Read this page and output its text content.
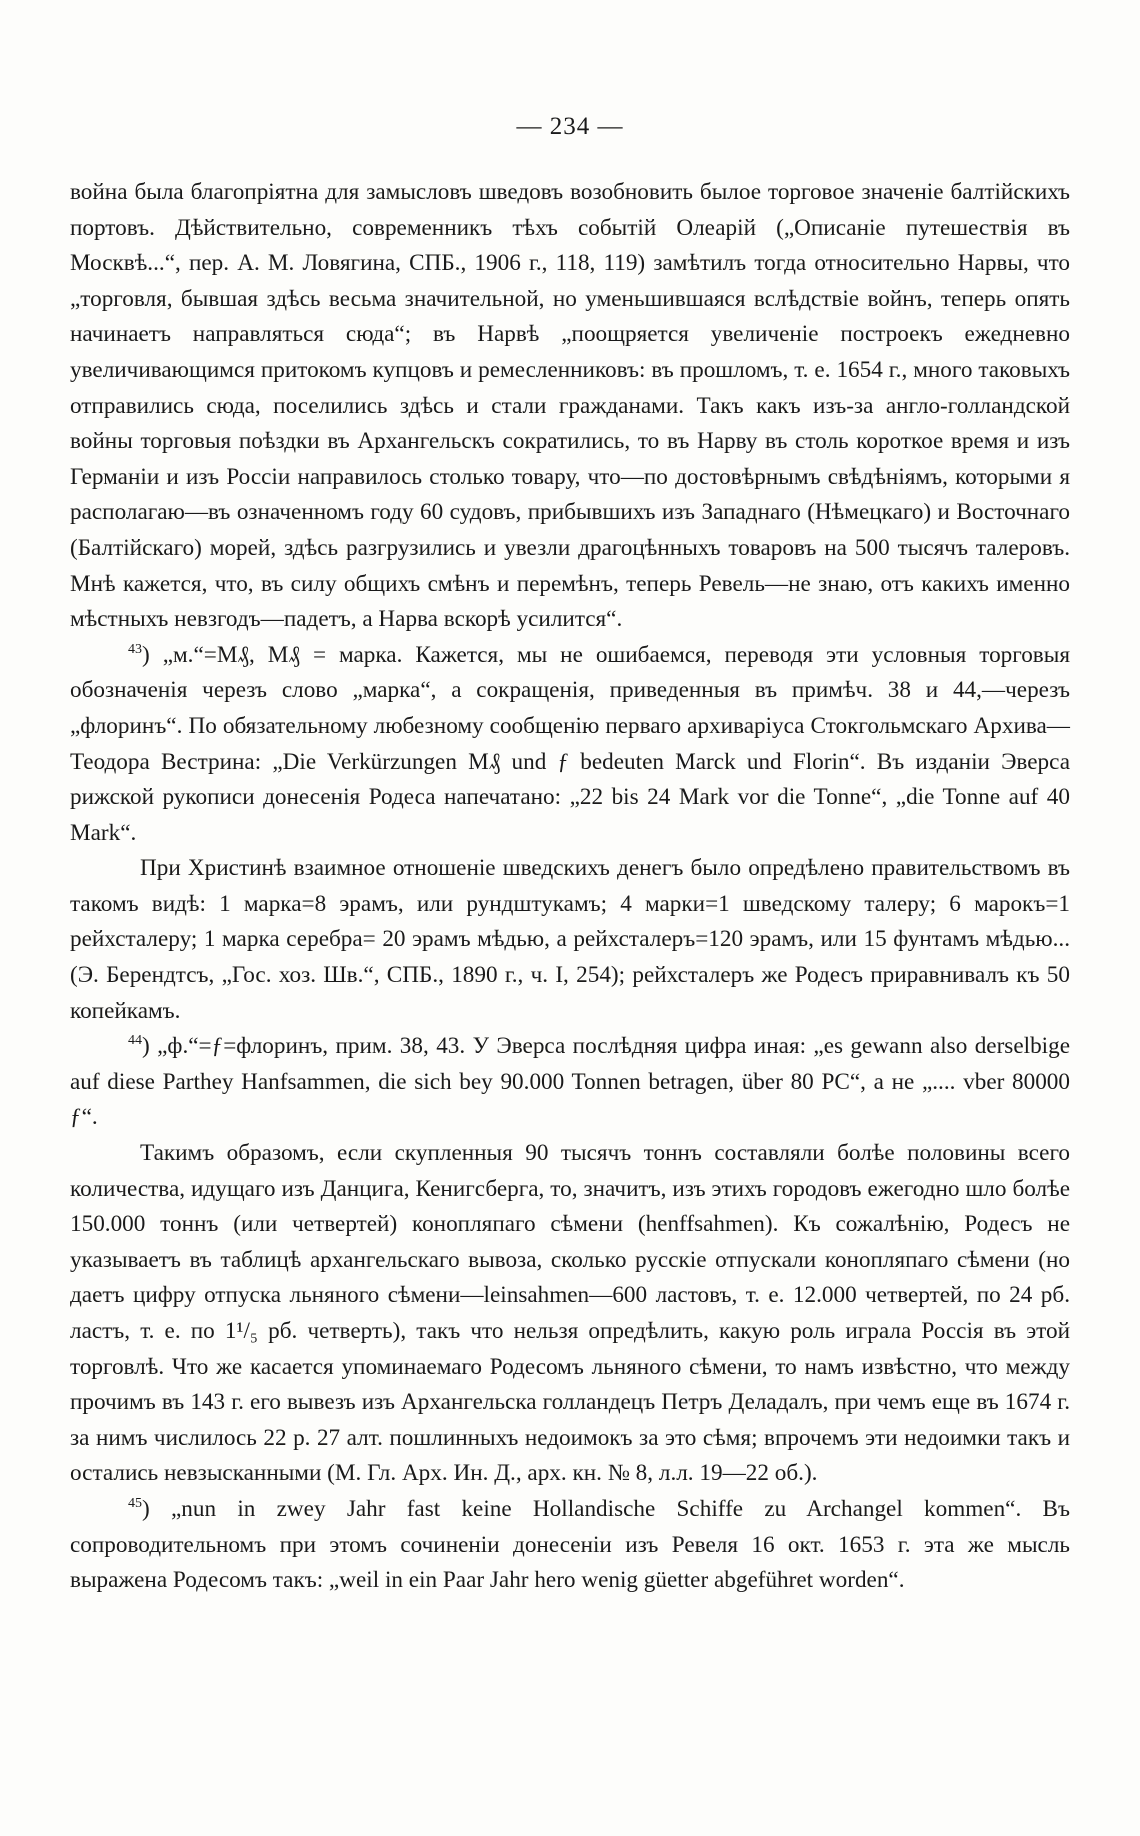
— 234 —

война была благопріятна для замысловъ шведовъ возобновить былое торговое значеніе балтійскихъ портовъ. Дѣйствительно, современникъ тѣхъ событій Олеарій („Описаніе путешествія въ Москвѣ...“, пер. А. М. Ловягина, СПБ., 1906 г., 118, 119) замѣтилъ тогда относительно Нарвы, что „торговля, бывшая здѣсь весьма значительной, но уменьшившаяся вслѣдствіе войнъ, теперь опять начинаетъ направляться сюда“; въ Нарвѣ „поощряется увеличеніе построекъ ежедневно увеличивающимся притокомъ купцовъ и ремесленниковъ: въ прошломъ, т. е. 1654 г., много таковыхъ отправились сюда, поселились здѣсь и стали гражданами. Такъ какъ изъ-за англо-голландской войны торговыя поѣздки въ Архангельскъ сократились, то въ Нарву въ столь короткое время и изъ Германіи и изъ Россіи направилось столько товару, что—по достовѣрнымъ свѣдѣніямъ, которыми я располагаю—въ означенномъ году 60 судовъ, прибывшихъ изъ Западнаго (Нѣмецкаго) и Восточнаго (Балтійскаго) морей, здѣсь разгрузились и увезли драгоцѣнныхъ товаровъ на 500 тысячъ талеровъ. Мнѣ кажется, что, въ силу общихъ смѣнъ и перемѣнъ, теперь Ревель—не знаю, отъ какихъ именно мѣстныхъ невзгодъ—падетъ, а Нарва вскорѣ усилится“.

$^{43}$) „м.“=M₰, M₰ = марка. Кажется, мы не ошибаемся, переводя эти условныя торговыя обозначенія черезъ слово „марка“, а сокращенія, приведенныя въ примѣч. 38 и 44,—черезъ „флоринъ“. По обязательному любезному сообщенію перваго архиваріуса Стокгольмскаго Архива—Теодора Вестрина: „Die Verkürzungen M₰ und ƒ bedeuten Marck und Florin“. Въ изданіи Эверса рижской рукописи донесенія Родеса напечатано: „22 bis 24 Mark vor die Tonne“, „die Tonne auf 40 Mark“.

При Христинѣ взаимное отношеніе шведскихъ денегъ было опредѣлено правительствомъ въ такомъ видѣ: 1 марка=8 эрамъ, или рундштукамъ; 4 марки=1 шведскому талеру; 6 марокъ=1 рейхсталеру; 1 марка серебра= 20 эрамъ мѣдью, а рейхсталеръ=120 эрамъ, или 15 фунтамъ мѣдью... (Э. Берендтсъ, „Гос. хоз. Шв.“, СПБ., 1890 г., ч. I, 254); рейхсталеръ же Родесъ приравнивалъ къ 50 копейкамъ.

$^{44}$) „ф.“=ƒ=флоринъ, прим. 38, 43. У Эверса послѣдняя цифра иная: „es gewann also derselbige auf diese Parthey Hanfsammen, die sich bey 90.000 Tonnen betragen, über 80 PC“, а не „.... vber 80000 ƒ“.

Такимъ образомъ, если скупленныя 90 тысячъ тоннъ составляли болѣе половины всего количества, идущаго изъ Данцига, Кенигсберга, то, значитъ, изъ этихъ городовъ ежегодно шло болѣе 150.000 тоннъ (или четвертей) конопляпаго сѣмени (henffsahmen). Къ сожалѣнію, Родесъ не указываетъ въ таблицѣ архангельскаго вывоза, сколько русскіе отпускали конопляпаго сѣмени (но даетъ цифру отпуска льняного сѣмени—leinsahmen—600 ластовъ, т. е. 12.000 четвертей, по 24 рб. ластъ, т. е. по 1¹/₅ рб. четверть), такъ что нельзя опредѣлить, какую роль играла Россія въ этой торговлѣ. Что же касается упоминаемаго Родесомъ льняного сѣмени, то намъ извѣстно, что между прочимъ въ 143 г. его вывезъ изъ Архангельска голландецъ Петръ Деладалъ, при чемъ еще въ 1674 г. за нимъ числилось 22 р. 27 алт. пошлинныхъ недоимокъ за это сѣмя; впрочемъ эти недоимки такъ и остались невзысканными (М. Гл. Арх. Ин. Д., арх. кн. № 8, л.л. 19—22 об.).

$^{45}$) „nun in zwey Jahr fast keine Hollandische Schiffe zu Archangel kommen“. Въ сопроводительномъ при этомъ сочиненіи донесеніи изъ Ревеля 16 окт. 1653 г. эта же мысль выражена Родесомъ такъ: „weil in ein Paar Jahr hero wenig güetter abgeführet worden“.
